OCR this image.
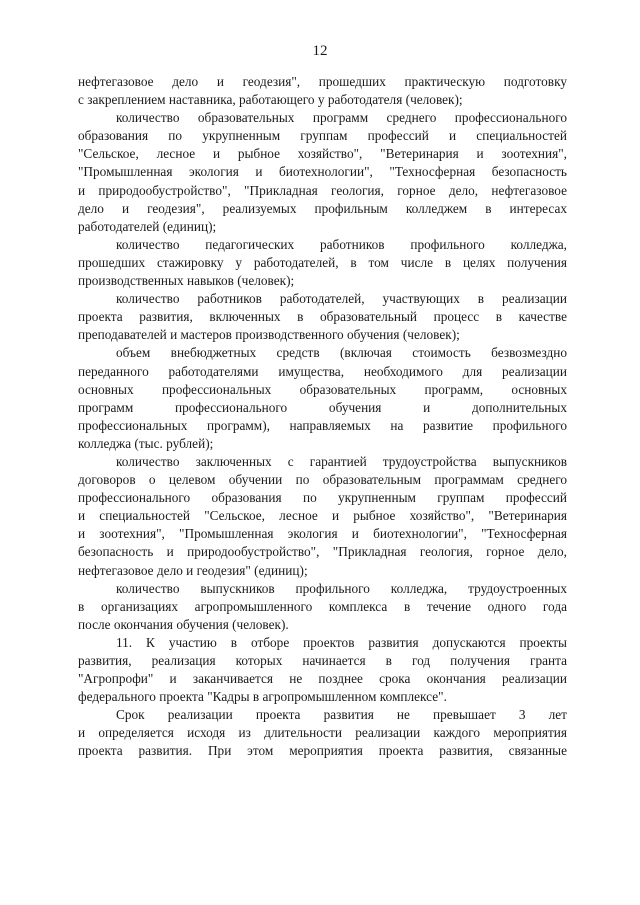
12
нефтегазовое дело и геодезия", прошедших практическую подготовку
с закреплением наставника, работающего у работодателя (человек);
количество образовательных программ среднего профессионального
образования по укрупненным группам профессий и специальностей
"Сельское, лесное и рыбное хозяйство", "Ветеринария и зоотехния",
"Промышленная экология и биотехнологии", "Техносферная безопасность
и природообустройство", "Прикладная геология, горное дело, нефтегазовое
дело и геодезия", реализуемых профильным колледжем в интересах
работодателей (единиц);
количество педагогических работников профильного колледжа,
прошедших стажировку у работодателей, в том числе в целях получения
производственных навыков (человек);
количество работников работодателей, участвующих в реализации
проекта развития, включенных в образовательный процесс в качестве
преподавателей и мастеров производственного обучения (человек);
объем внебюджетных средств (включая стоимость безвозмездно
переданного работодателями имущества, необходимого для реализации
основных профессиональных образовательных программ, основных
программ профессионального обучения и дополнительных
профессиональных программ), направляемых на развитие профильного
колледжа (тыс. рублей);
количество заключенных с гарантией трудоустройства выпускников
договоров о целевом обучении по образовательным программам среднего
профессионального образования по укрупненным группам профессий
и специальностей "Сельское, лесное и рыбное хозяйство", "Ветеринария
и зоотехния", "Промышленная экология и биотехнологии", "Техносферная
безопасность и природообустройство", "Прикладная геология, горное дело,
нефтегазовое дело и геодезия" (единиц);
количество выпускников профильного колледжа, трудоустроенных
в организациях агропромышленного комплекса в течение одного года
после окончания обучения (человек).
11. К участию в отборе проектов развития допускаются проекты
развития, реализация которых начинается в год получения гранта
"Агропрофи" и заканчивается не позднее срока окончания реализации
федерального проекта "Кадры в агропромышленном комплексе".
Срок реализации проекта развития не превышает 3 лет
и определяется исходя из длительности реализации каждого мероприятия
проекта развития. При этом мероприятия проекта развития, связанные
